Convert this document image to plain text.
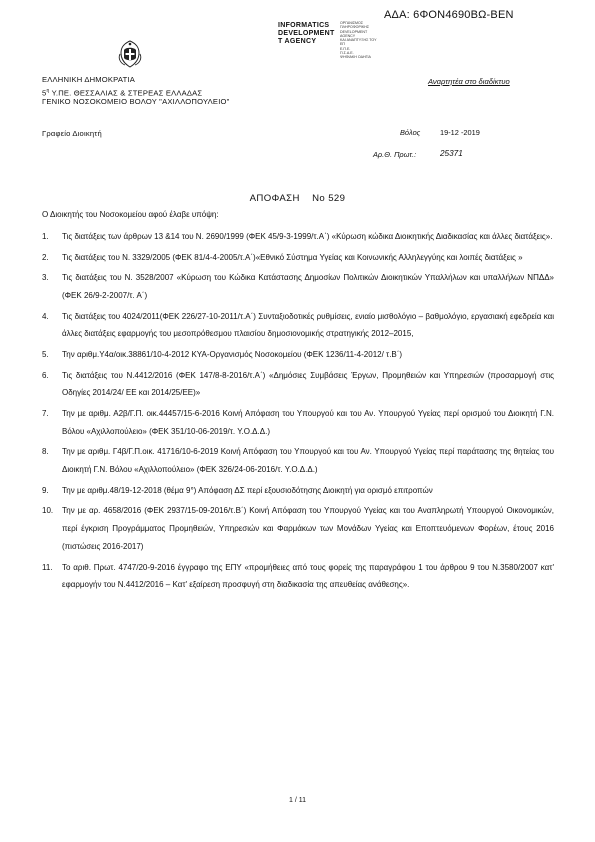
ΑΔΑ: 6ΦΟΝ4690ΒΩ-ΒΕΝ
INFORMATICS
DEVELOPMENT
T AGENCY
ΟΡΓΑΝΙΣΜΟΣ ΠΛΗΡΟΦΟΡΙΚΗΣ
DEVELOPMENT AGENCY
ΚΑΙ ΑΝΑΠΤΥΞΗΣ ΤΟΥ ΕΠ
Ε.Π.Ε.
Π.Σ.Α.Ε.
ΨΗΦΙΑΚΗ ΟΔΗΓΙΑ
ΕΛΛΗΝΙΚΗ ΔΗΜΟΚΡΑΤΙΑ
$5^\eta$ Υ.ΠΕ. ΘΕΣΣΑΛΙΑΣ & ΣΤΕΡΕΑΣ ΕΛΛΑΔΑΣ
ΓΕΝΙΚΟ ΝΟΣΟΚΟΜΕΙΟ ΒΟΛΟΥ "ΑΧΙΛΛΟΠΟΥΛΕΙΟ"
Αναρτητέα στο διαδίκτυο
Γραφείο Διοικητή	Βόλος	19-12 -2019
Αρ.Θ. Πρωτ.:	25371
ΑΠΟΦΑΣΗ    Νο 529
Ο Διοικητής του Νοσοκομείου αφού έλαβε υπόψη:
1. Τις διατάξεις των άρθρων 13 &14 του Ν. 2690/1999 (ΦΕΚ 45/9-3-1999/τ.Α΄) «Κύρωση κώδικα Διοικητικής Διαδικασίας και άλλες διατάξεις».
2. Τις διατάξεις του Ν. 3329/2005 (ΦΕΚ 81/4-4-2005/τ.Α΄)«Εθνικό Σύστημα Υγείας και Κοινωνικής Αλληλεγγύης και λοιπές διατάξεις »
3. Τις διατάξεις του Ν. 3528/2007 «Κύρωση του Κώδικα Κατάστασης Δημοσίων Πολιτικών Διοικητικών Υπαλλήλων και υπαλλήλων ΝΠΔΔ» (ΦΕΚ 26/9-2-2007/τ. Α΄)
4. Τις διατάξεις του 4024/2011(ΦΕΚ 226/27-10-2011/τ.Α΄) Συνταξιοδοτικές ρυθμίσεις, ενιαίο μισθολόγιο – βαθμολόγιο, εργασιακή εφεδρεία και άλλες διατάξεις εφαρμογής του μεσοπρόθεσμου πλαισίου δημοσιονομικής στρατηγικής 2012–2015,
5. Την αριθμ.Υ4α/οικ.38861/10-4-2012 ΚΥΑ-Οργανισμός Νοσοκομείου (ΦΕΚ 1236/11-4-2012/ τ.Β΄)
6. Τις διατάξεις του Ν.4412/2016 (ΦΕΚ 147/8-8-2016/τ.Α΄) «Δημόσιες Συμβάσεις Έργων, Προμηθειών και Υπηρεσιών (προσαρμογή στις Οδηγίες 2014/24/ ΕΕ και 2014/25/ΕΕ)»
7. Την με αριθμ. Α2β/Γ.Π. οικ.44457/15-6-2016 Κοινή Απόφαση του Υπουργού και του Αν. Υπουργού Υγείας περί ορισμού του Διοικητή Γ.Ν. Βόλου «Αχιλλοπούλειο» (ΦΕΚ 351/10-06-2019/τ. Υ.Ο.Δ.Δ.)
8. Την με αριθμ. Γ4β/Γ.Π.οικ. 41716/10-6-2019 Κοινή Απόφαση του Υπουργού και του Αν. Υπουργού Υγείας περί παράτασης της θητείας του Διοικητή Γ.Ν. Βόλου «Αχιλλοπούλειο» (ΦΕΚ 326/24-06-2016/τ. Υ.Ο.Δ.Δ.)
9. Την με αριθμ.48/19-12-2018 (θέμα 9°) Απόφαση ΔΣ περί εξουσιοδότησης Διοικητή για ορισμό επιτροπών
10. Την με αρ. 4658/2016 (ΦΕΚ 2937/15-09-2016/τ.Β΄) Κοινή Απόφαση του Υπουργού Υγείας και του Αναπληρωτή Υπουργού Οικονομικών, περί έγκριση Προγράμματος Προμηθειών, Υπηρεσιών και Φαρμάκων των Μονάδων Υγείας και Εποπτευόμενων Φορέων, έτους 2016 (πιστώσεις 2016-2017)
11. Το αριθ. Πρωτ. 4747/20-9-2016 έγγραφο της ΕΠΥ «προμήθειες από τους φορείς της παραγράφου 1 του άρθρου 9 του Ν.3580/2007 κατ' εφαρμογήν του Ν.4412/2016 – Κατ' εξαίρεση προσφυγή στη διαδικασία της απευθείας ανάθεσης».
1 / 11
